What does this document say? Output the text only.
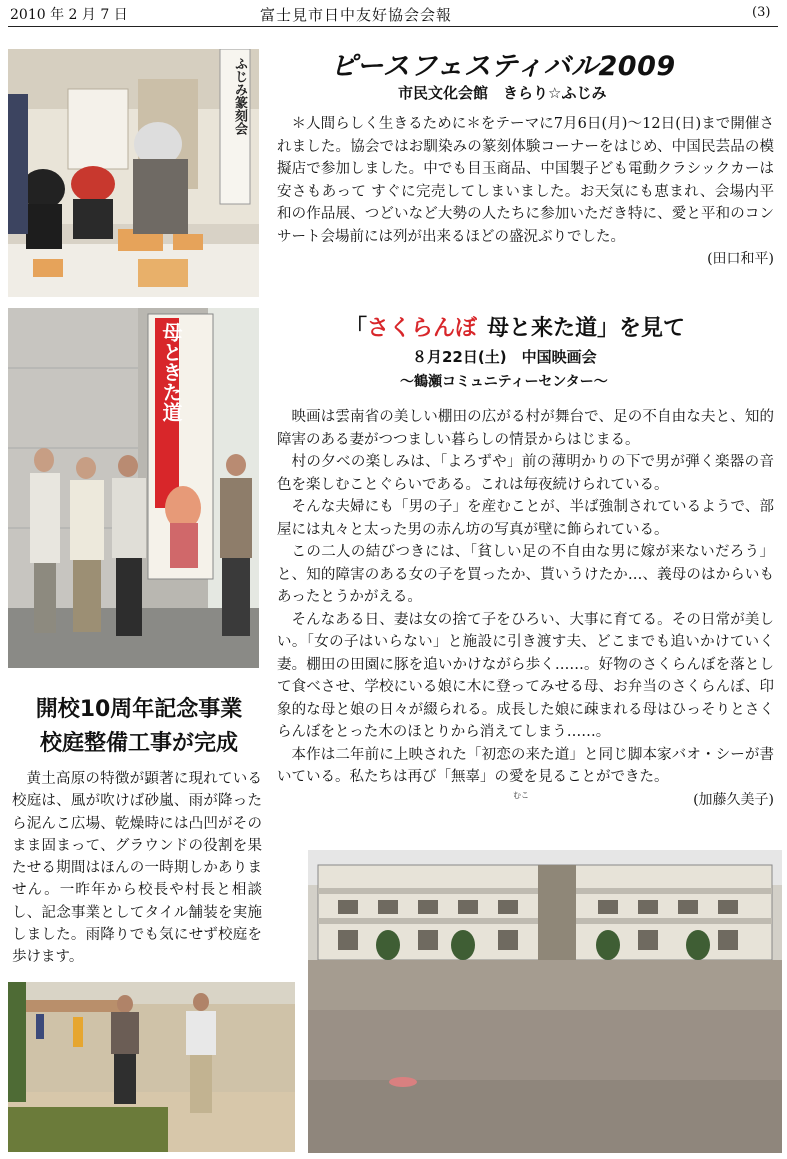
2010 年 2 月 7 日	富士見市日中友好協会会報	(3)
ふじみ篆刻会
母ときた道
ピースフェスティバル2009
市民文化会館　きらり☆ふじみ

＊人間らしく生きるために＊をテーマに7月6日(月)〜12日(日)まで開催されました。協会ではお馴染みの篆刻体験コーナーをはじめ、中国民芸品の模擬店で参加しました。中でも目玉商品、中国製子ども電動クラシックカーは安さもあって すぐに完売してしまいました。お天気にも恵まれ、会場内平和の作品展、つどいなど大勢の人たちに参加いただき特に、愛と平和のコンサート会場前には列が出来るほどの盛況ぶりでした。

(田口和平)
「さくらんぼ 母と来た道」を見て
８月22日(土)　中国映画会
〜鶴瀬コミュニティーセンター〜

映画は雲南省の美しい棚田の広がる村が舞台で、足の不自由な夫と、知的障害のある妻がつつましい暮らしの情景からはじまる。

村の夕べの楽しみは、「よろずや」前の薄明かりの下で男が弾く楽器の音色を楽しむことぐらいである。これは毎夜続けられている。

そんな夫婦にも「男の子」を産むことが、半ば強制されているようで、部屋には丸々と太った男の赤ん坊の写真が壁に飾られている。

この二人の結びつきには、「貧しい足の不自由な男に嫁が来ないだろう」と、知的障害のある女の子を買ったか、貰いうけたか…、義母のはからいもあったとうかがえる。

そんなある日、妻は女の捨て子をひろい、大事に育てる。その日常が美しい。「女の子はいらない」と施設に引き渡す夫、どこまでも追いかけていく妻。棚田の田園に豚を追いかけながら歩く……。好物のさくらんぼを落として食べさせ、学校にいる娘に木に登ってみせる母、お弁当のさくらんぼ、印象的な母と娘の日々が綴られる。成長した娘に疎まれる母はひっそりとさくらんぼをとった木のほとりから消えてしまう……。

本作は二年前に上映された「初恋の来た道」と同じ脚本家バオ・シーが書いている。私たちは再び「無辜」の愛を見ることができた。

(加藤久美子)
むこ
開校10周年記念事業
校庭整備工事が完成

黄土高原の特徴が顕著に現れている校庭は、風が吹けば砂嵐、雨が降ったら泥んこ広場、乾燥時には凸凹がそのまま固まって、グラウンドの役割を果たせる期間はほんの一時期しかありません。一昨年から校長や村長と相談し、記念事業としてタイル舗装を実施しました。雨降りでも気にせず校庭を歩けます。
